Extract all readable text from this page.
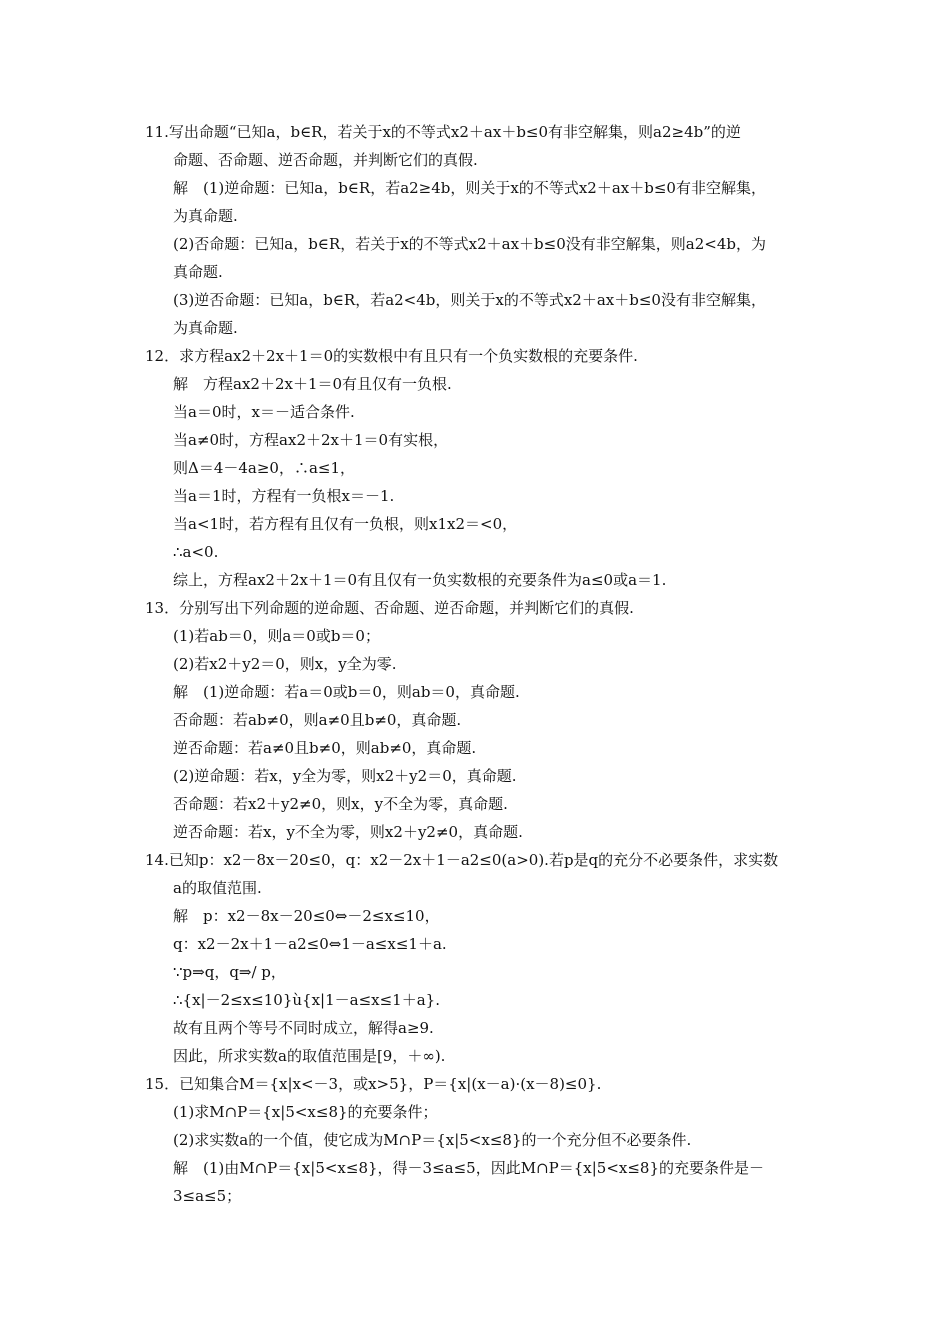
11.写出命题“已知a，b∈R，若关于x的不等式x2＋ax＋b≤0有非空解集，则a2≥4b”的逆
命题、否命题、逆否命题，并判断它们的真假.
解　(1)逆命题：已知a，b∈R，若a2≥4b，则关于x的不等式x2＋ax＋b≤0有非空解集，
为真命题.
(2)否命题：已知a，b∈R，若关于x的不等式x2＋ax＋b≤0没有非空解集，则a2<4b，为
真命题.
(3)逆否命题：已知a，b∈R，若a2<4b，则关于x的不等式x2＋ax＋b≤0没有非空解集，
为真命题.
12．求方程ax2＋2x＋1＝0的实数根中有且只有一个负实数根的充要条件.
解　方程ax2＋2x＋1＝0有且仅有一负根.
当a＝0时，x＝－适合条件.
当a≠0时，方程ax2＋2x＋1＝0有实根，
则Δ＝4－4a≥0，∴a≤1，
当a＝1时，方程有一负根x＝－1.
当a<1时，若方程有且仅有一负根，则x1x2＝<0，
∴a<0.
综上，方程ax2＋2x＋1＝0有且仅有一负实数根的充要条件为a≤0或a＝1.
13．分别写出下列命题的逆命题、否命题、逆否命题，并判断它们的真假.
(1)若ab＝0，则a＝0或b＝0；
(2)若x2＋y2＝0，则x，y全为零.
解　(1)逆命题：若a＝0或b＝0，则ab＝0，真命题.
否命题：若ab≠0，则a≠0且b≠0，真命题.
逆否命题：若a≠0且b≠0，则ab≠0，真命题.
(2)逆命题：若x，y全为零，则x2＋y2＝0，真命题.
否命题：若x2＋y2≠0，则x，y不全为零，真命题.
逆否命题：若x，y不全为零，则x2＋y2≠0，真命题.
14.已知p：x2－8x－20≤0，q：x2－2x＋1－a2≤0(a>0).若p是q的充分不必要条件，求实数
a的取值范围.
解　p：x2－8x－20≤0⇔－2≤x≤10，
q：x2－2x＋1－a2≤0⇔1－a≤x≤1＋a.
∵p⇒q，q⇒/ p，
∴{x|－2≤x≤10}ù{x|1－a≤x≤1＋a}.
故有且两个等号不同时成立，解得a≥9.
因此，所求实数a的取值范围是[9，＋∞).
15．已知集合M＝{x|x<－3，或x>5}，P＝{x|(x－a)·(x－8)≤0}.
(1)求M∩P＝{x|5<x≤8}的充要条件；
(2)求实数a的一个值，使它成为M∩P＝{x|5<x≤8}的一个充分但不必要条件.
解　(1)由M∩P＝{x|5<x≤8}，得－3≤a≤5，因此M∩P＝{x|5<x≤8}的充要条件是－
3≤a≤5；
